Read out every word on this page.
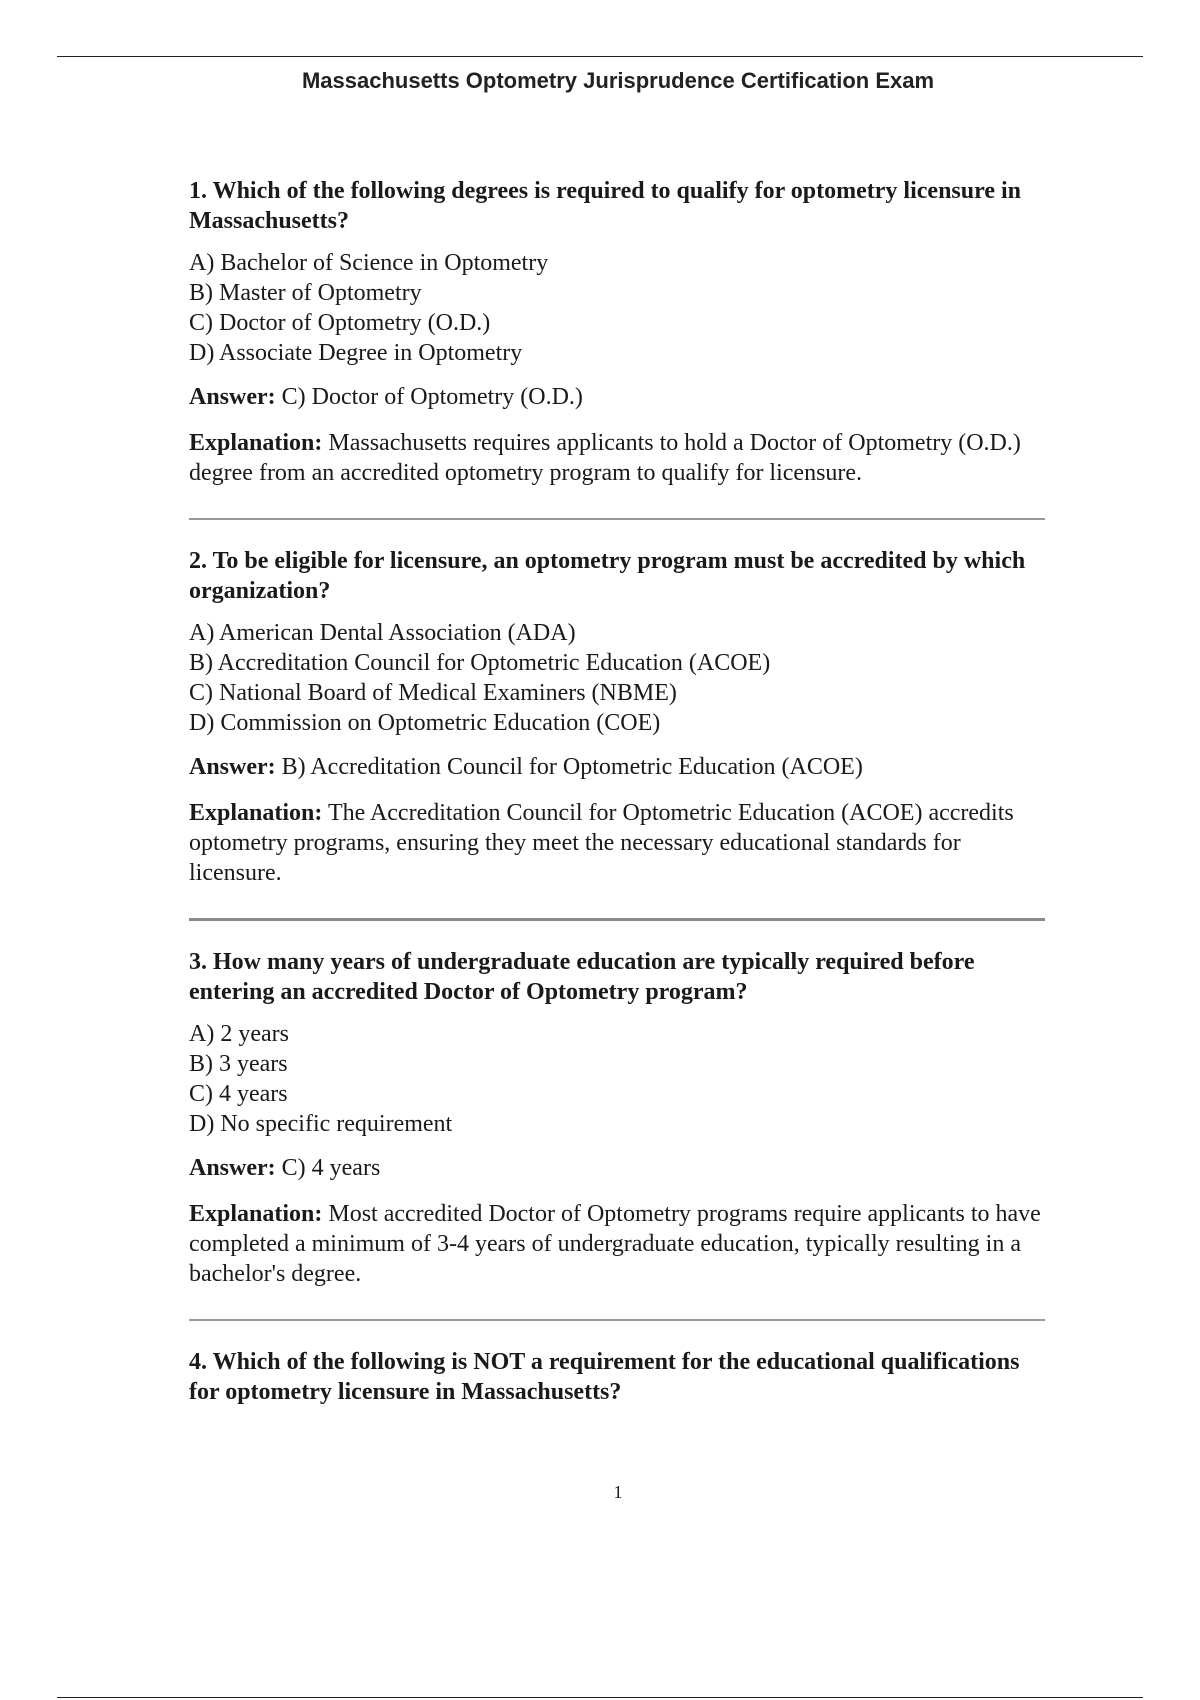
Massachusetts Optometry Jurisprudence Certification Exam

1. Which of the following degrees is required to qualify for optometry licensure in Massachusetts?

A) Bachelor of Science in Optometry
B) Master of Optometry
C) Doctor of Optometry (O.D.)
D) Associate Degree in Optometry

Answer: C) Doctor of Optometry (O.D.)

Explanation: Massachusetts requires applicants to hold a Doctor of Optometry (O.D.) degree from an accredited optometry program to qualify for licensure.

2. To be eligible for licensure, an optometry program must be accredited by which organization?

A) American Dental Association (ADA)
B) Accreditation Council for Optometric Education (ACOE)
C) National Board of Medical Examiners (NBME)
D) Commission on Optometric Education (COE)

Answer: B) Accreditation Council for Optometric Education (ACOE)

Explanation: The Accreditation Council for Optometric Education (ACOE) accredits optometry programs, ensuring they meet the necessary educational standards for licensure.

3. How many years of undergraduate education are typically required before entering an accredited Doctor of Optometry program?

A) 2 years
B) 3 years
C) 4 years
D) No specific requirement

Answer: C) 4 years

Explanation: Most accredited Doctor of Optometry programs require applicants to have completed a minimum of 3-4 years of undergraduate education, typically resulting in a bachelor's degree.

4. Which of the following is NOT a requirement for the educational qualifications for optometry licensure in Massachusetts?

1
